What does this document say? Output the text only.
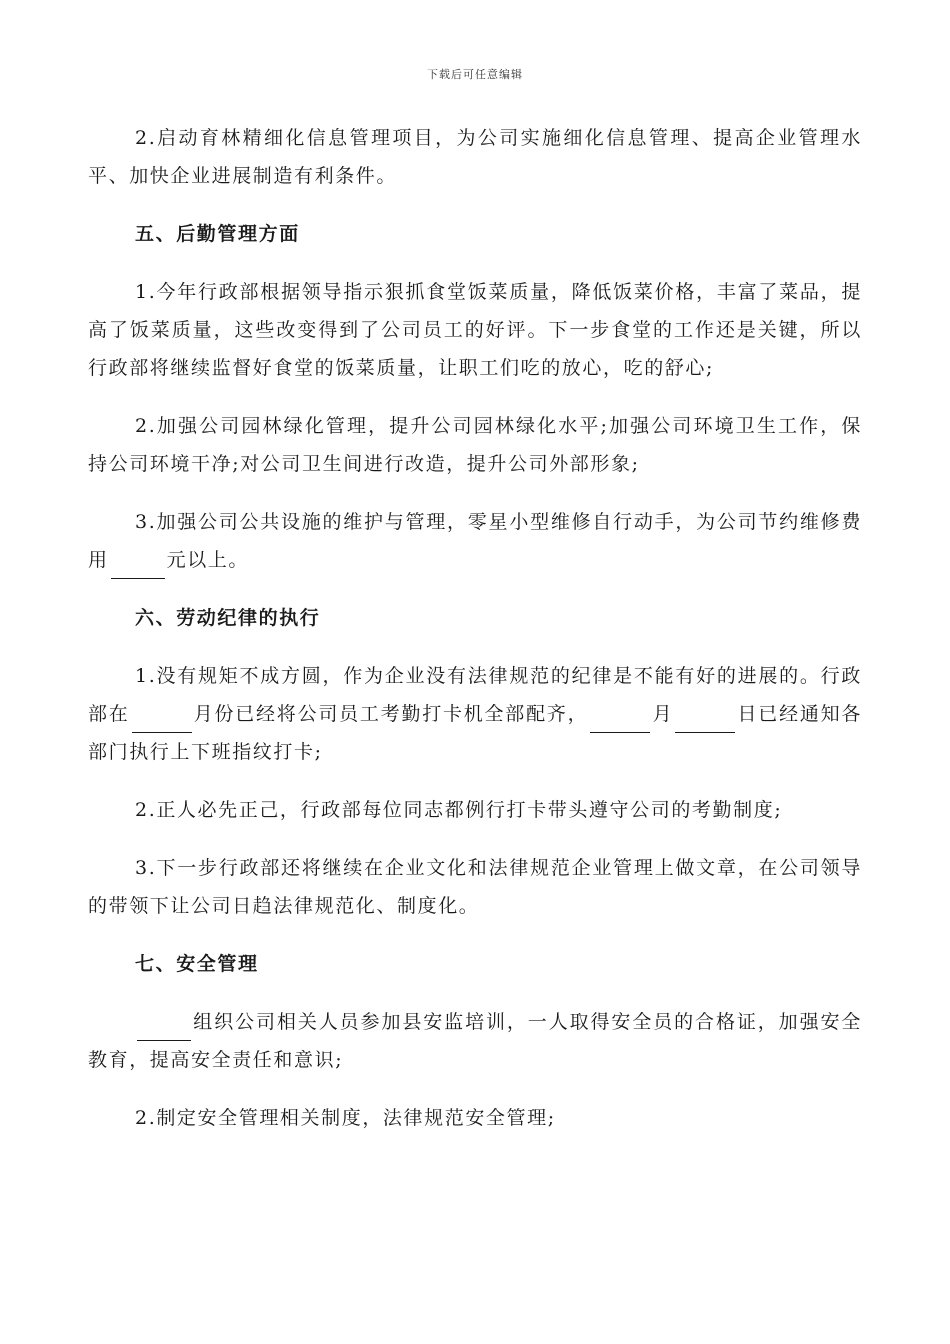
下载后可任意编辑

2.启动育林精细化信息管理项目，为公司实施细化信息管理、提高企业管理水平、加快企业进展制造有利条件。

五、后勤管理方面

1.今年行政部根据领导指示狠抓食堂饭菜质量，降低饭菜价格，丰富了菜品，提高了饭菜质量，这些改变得到了公司员工的好评。下一步食堂的工作还是关键，所以行政部将继续监督好食堂的饭菜质量，让职工们吃的放心，吃的舒心;

2.加强公司园林绿化管理，提升公司园林绿化水平;加强公司环境卫生工作，保持公司环境干净;对公司卫生间进行改造，提升公司外部形象;

3.加强公司公共设施的维护与管理，零星小型维修自行动手，为公司节约维修费用	元以上。

六、劳动纪律的执行

1.没有规矩不成方圆，作为企业没有法律规范的纪律是不能有好的进展的。行政部在	月份已经将公司员工考勤打卡机全部配齐，	月	日已经通知各部门执行上下班指纹打卡;

2.正人必先正己，行政部每位同志都例行打卡带头遵守公司的考勤制度;

3.下一步行政部还将继续在企业文化和法律规范企业管理上做文章，在公司领导的带领下让公司日趋法律规范化、制度化。

七、安全管理

组织公司相关人员参加县安监培训，一人取得安全员的合格证，加强安全教育，提高安全责任和意识;

2.制定安全管理相关制度，法律规范安全管理;
